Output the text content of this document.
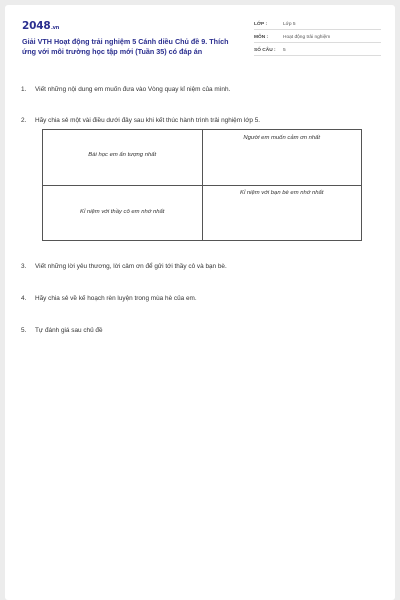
2048.vn
Giải VTH Hoạt động trải nghiệm 5 Cánh diều Chủ đề 9. Thích ứng với môi trường học tập mới (Tuần 35) có đáp án
LỚP :	Lớp 5
MÔN :	Hoạt động trải nghiệm
SỐ CÂU :	5
1. Viết những nội dung em muốn đưa vào Vòng quay kỉ niệm của mình.
2. Hãy chia sẻ một vài điều dưới đây sau khi kết thúc hành trình trải nghiệm lớp 5.
Bài học em ấn tượng nhất	Người em muốn cảm ơn nhất

Kỉ niệm với thầy cô em nhớ nhất	Kỉ niệm với bạn bè em nhớ nhất
3. Viết những lời yêu thương, lời cảm ơn để gửi tới thầy cô và bạn bè.
4. Hãy chia sẻ về kế hoạch rèn luyện trong mùa hè của em.
5. Tự đánh giá sau chủ đề
